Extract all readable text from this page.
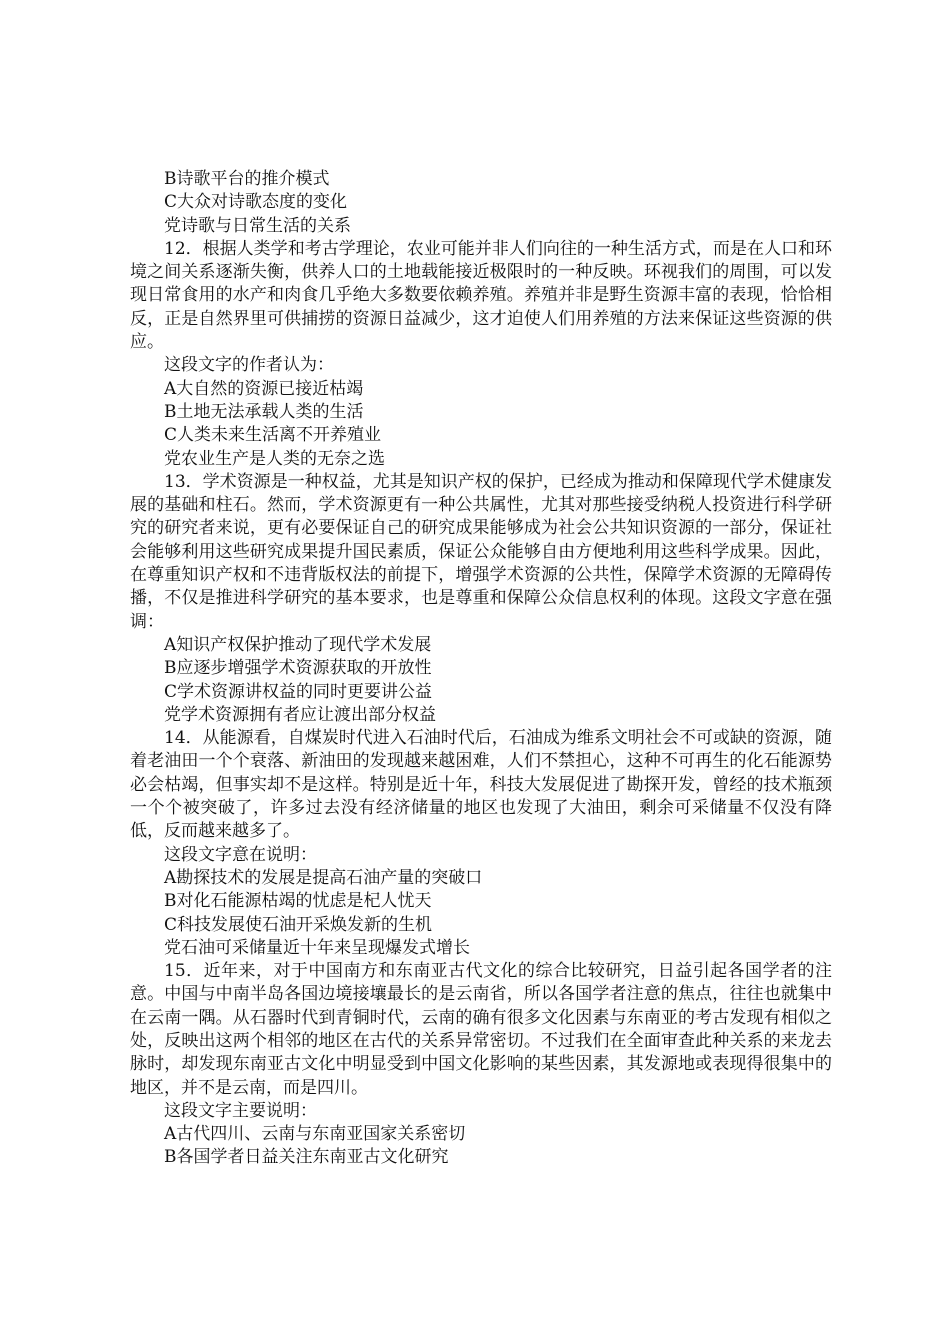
B诗歌平台的推介模式
C大众对诗歌态度的变化
党诗歌与日常生活的关系
12．根据人类学和考古学理论，农业可能并非人们向往的一种生活方式，而是在人口和环境之间关系逐渐失衡，供养人口的土地载能接近极限时的一种反映。环视我们的周围，可以发现日常食用的水产和肉食几乎绝大多数要依赖养殖。养殖并非是野生资源丰富的表现，恰恰相反，正是自然界里可供捕捞的资源日益减少，这才迫使人们用养殖的方法来保证这些资源的供应。
这段文字的作者认为：
A大自然的资源已接近枯竭
B土地无法承载人类的生活
C人类未来生活离不开养殖业
党农业生产是人类的无奈之选
13．学术资源是一种权益，尤其是知识产权的保护，已经成为推动和保障现代学术健康发展的基础和柱石。然而，学术资源更有一种公共属性，尤其对那些接受纳税人投资进行科学研究的研究者来说，更有必要保证自己的研究成果能够成为社会公共知识资源的一部分，保证社会能够利用这些研究成果提升国民素质，保证公众能够自由方便地利用这些科学成果。因此，在尊重知识产权和不违背版权法的前提下，增强学术资源的公共性，保障学术资源的无障碍传播，不仅是推进科学研究的基本要求，也是尊重和保障公众信息权利的体现。这段文字意在强调：
A知识产权保护推动了现代学术发展
B应逐步增强学术资源获取的开放性
C学术资源讲权益的同时更要讲公益
党学术资源拥有者应让渡出部分权益
14．从能源看，自煤炭时代进入石油时代后，石油成为维系文明社会不可或缺的资源，随着老油田一个个衰落、新油田的发现越来越困难，人们不禁担心，这种不可再生的化石能源势必会枯竭，但事实却不是这样。特别是近十年，科技大发展促进了勘探开发，曾经的技术瓶颈一个个被突破了，许多过去没有经济储量的地区也发现了大油田，剩余可采储量不仅没有降低，反而越来越多了。
这段文字意在说明：
A勘探技术的发展是提高石油产量的突破口
B对化石能源枯竭的忧虑是杞人忧天
C科技发展使石油开采焕发新的生机
党石油可采储量近十年来呈现爆发式增长
15．近年来，对于中国南方和东南亚古代文化的综合比较研究，日益引起各国学者的注意。中国与中南半岛各国边境接壤最长的是云南省，所以各国学者注意的焦点，往往也就集中在云南一隅。从石器时代到青铜时代，云南的确有很多文化因素与东南亚的考古发现有相似之处，反映出这两个相邻的地区在古代的关系异常密切。不过我们在全面审查此种关系的来龙去脉时，却发现东南亚古文化中明显受到中国文化影响的某些因素，其发源地或表现得很集中的地区，并不是云南，而是四川。
这段文字主要说明：
A古代四川、云南与东南亚国家关系密切
B各国学者日益关注东南亚古文化研究
